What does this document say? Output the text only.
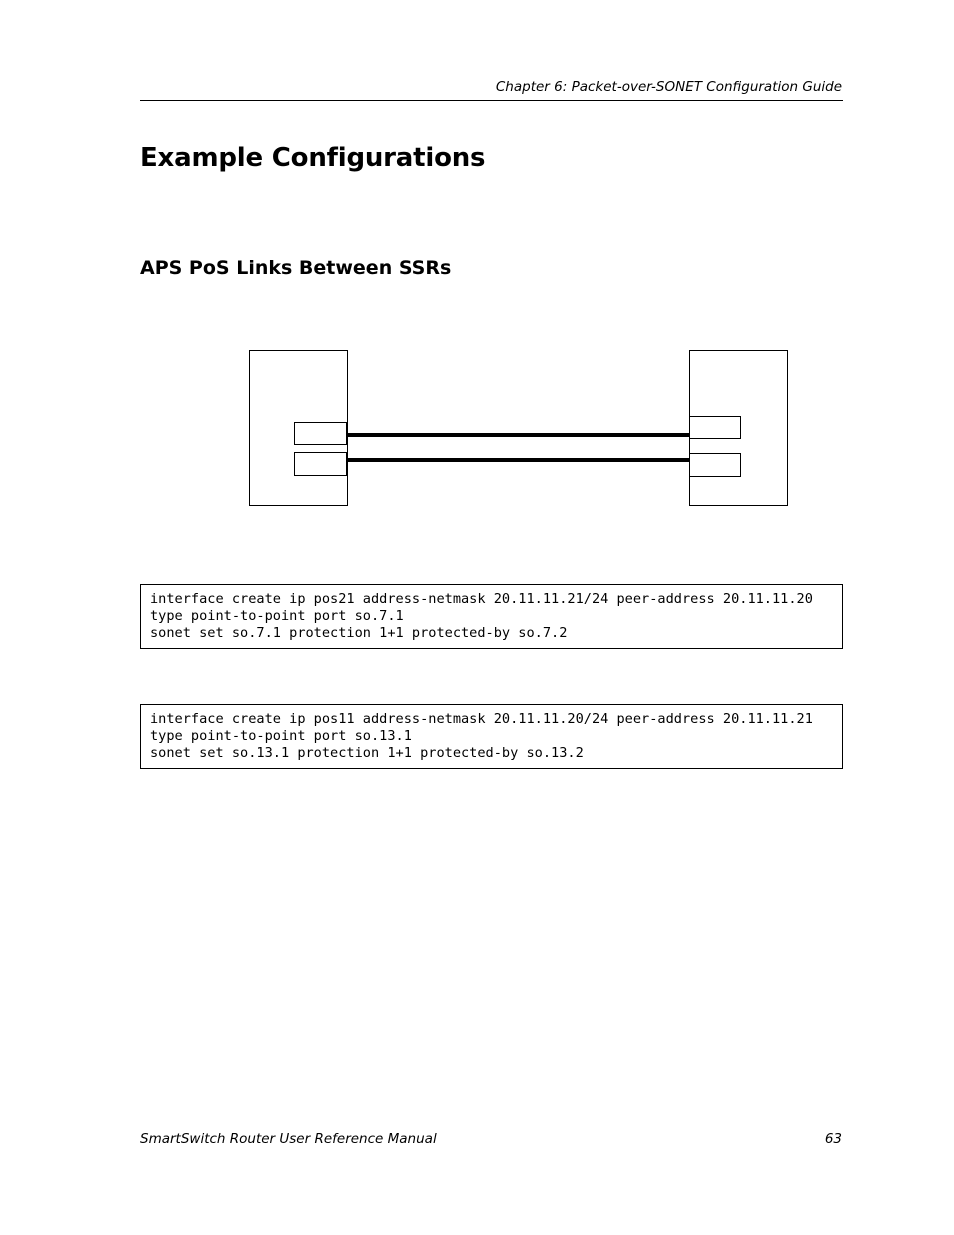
Chapter 6: Packet-over-SONET Configuration Guide
Example Configurations
APS PoS Links Between SSRs
interface create ip pos21 address-netmask 20.11.11.21/24 peer-address 20.11.11.20
type point-to-point port so.7.1
sonet set so.7.1 protection 1+1 protected-by so.7.2
interface create ip pos11 address-netmask 20.11.11.20/24 peer-address 20.11.11.21
type point-to-point port so.13.1
sonet set so.13.1 protection 1+1 protected-by so.13.2
SmartSwitch Router User Reference Manual	63
